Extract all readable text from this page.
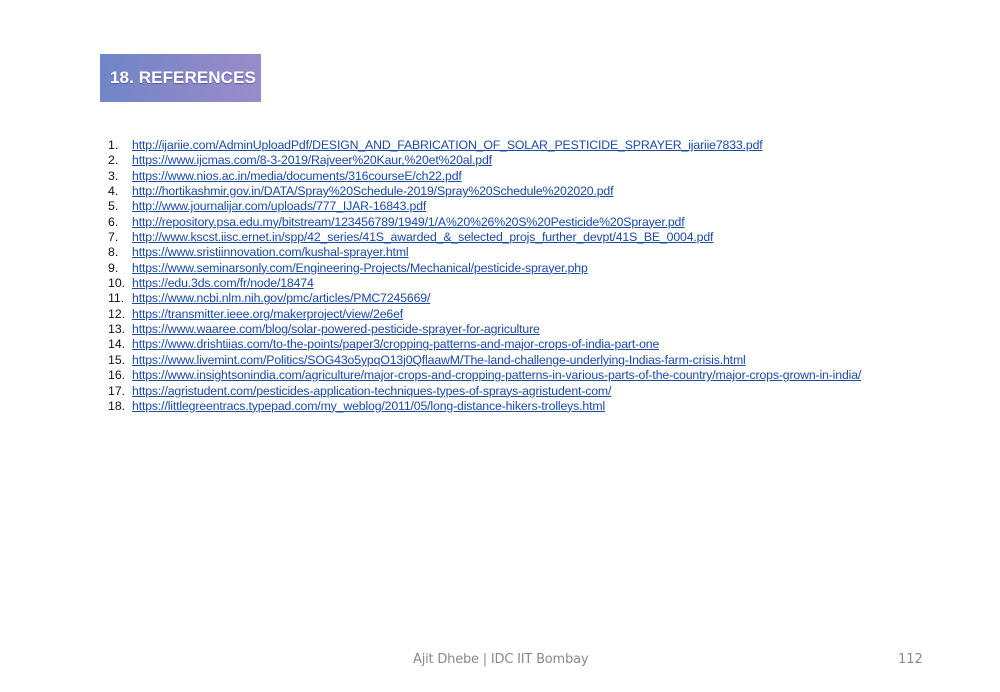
18. REFERENCES
1.	http://ijariie.com/AdminUploadPdf/DESIGN_AND_FABRICATION_OF_SOLAR_PESTICIDE_SPRAYER_ijariie7833.pdf
2.	https://www.ijcmas.com/8-3-2019/Rajveer%20Kaur,%20et%20al.pdf
3.	https://www.nios.ac.in/media/documents/316courseE/ch22.pdf
4.	http://hortikashmir.gov.in/DATA/Spray%20Schedule-2019/Spray%20Schedule%202020.pdf
5.	http://www.journalijar.com/uploads/777_IJAR-16843.pdf
6.	http://repository.psa.edu.my/bitstream/123456789/1949/1/A%20%26%20S%20Pesticide%20Sprayer.pdf
7.	http://www.kscst.iisc.ernet.in/spp/42_series/41S_awarded_&_selected_projs_further_devpt/41S_BE_0004.pdf
8.	https://www.sristiinnovation.com/kushal-sprayer.html
9.	https://www.seminarsonly.com/Engineering-Projects/Mechanical/pesticide-sprayer.php
10. https://edu.3ds.com/fr/node/18474
11. https://www.ncbi.nlm.nih.gov/pmc/articles/PMC7245669/
12. https://transmitter.ieee.org/makerproject/view/2e6ef
13. https://www.waaree.com/blog/solar-powered-pesticide-sprayer-for-agriculture
14. https://www.drishtiias.com/to-the-points/paper3/cropping-patterns-and-major-crops-of-india-part-one
15. https://www.livemint.com/Politics/SOG43o5ypqO13j0QflaawM/The-land-challenge-underlying-Indias-farm-crisis.html
16. https://www.insightsonindia.com/agriculture/major-crops-and-cropping-patterns-in-various-parts-of-the-country/major-crops-grown-in-india/
17. https://agristudent.com/pesticides-application-techniques-types-of-sprays-agristudent-com/
18. https://littlegreentracs.typepad.com/my_weblog/2011/05/long-distance-hikers-trolleys.html
Ajit Dhebe | IDC IIT Bombay	112
